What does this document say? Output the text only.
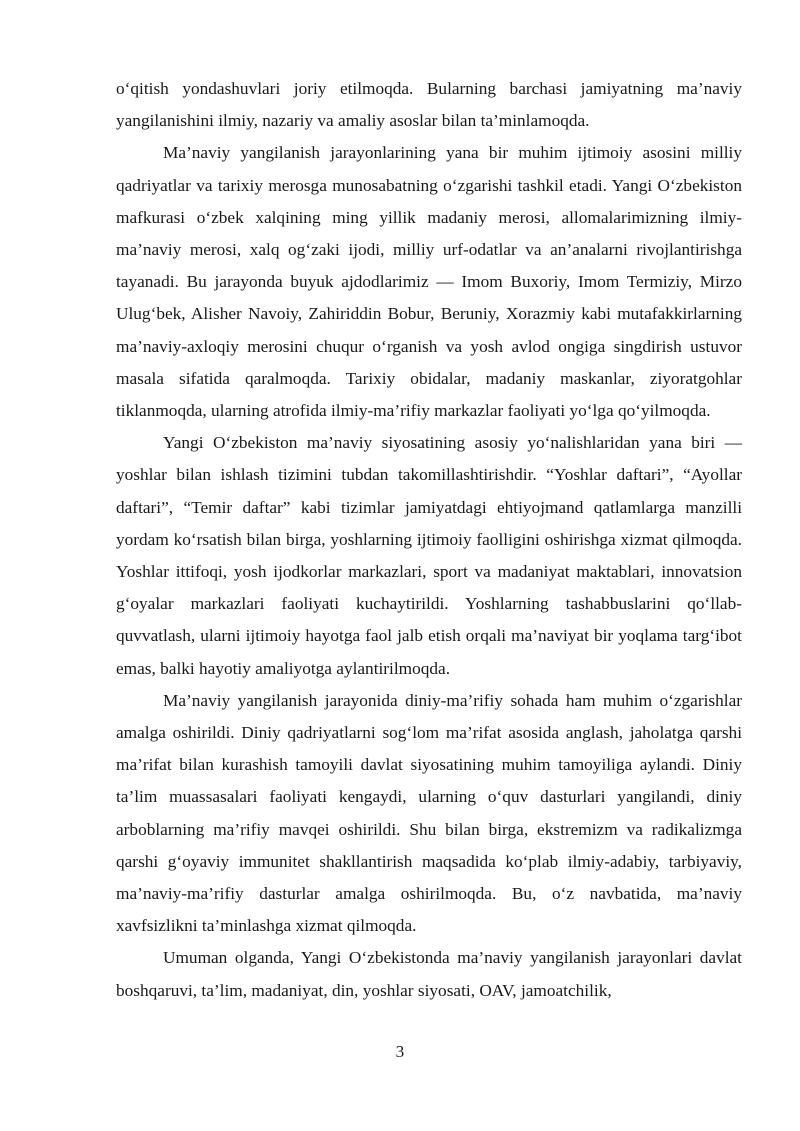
o‘qitish yondashuvlari joriy etilmoqda. Bularning barchasi jamiyatning ma’naviy yangilanishini ilmiy, nazariy va amaliy asoslar bilan ta’minlamoqda.

Ma’naviy yangilanish jarayonlarining yana bir muhim ijtimoiy asosini milliy qadriyatlar va tarixiy merosga munosabatning o‘zgarishi tashkil etadi. Yangi O‘zbekiston mafkurasi o‘zbek xalqining ming yillik madaniy merosi, allomalarimizning ilmiy-ma’naviy merosi, xalq og‘zaki ijodi, milliy urf-odatlar va an’analarni rivojlantirishga tayanadi. Bu jarayonda buyuk ajdodlarimiz — Imom Buxoriy, Imom Termiziy, Mirzo Ulug‘bek, Alisher Navoiy, Zahiriddin Bobur, Beruniy, Xorazmiy kabi mutafakkirlarning ma’naviy-axloqiy merosini chuqur o‘rganish va yosh avlod ongiga singdirish ustuvor masala sifatida qaralmoqda. Tarixiy obidalar, madaniy maskanlar, ziyoratgohlar tiklanmoqda, ularning atrofida ilmiy-ma’rifiy markazlar faoliyati yo‘lga qo‘yilmoqda.

Yangi O‘zbekiston ma’naviy siyosatining asosiy yo‘nalishlaridan yana biri — yoshlar bilan ishlash tizimini tubdan takomillashtirishdir. “Yoshlar daftari”, “Ayollar daftari”, “Temir daftar” kabi tizimlar jamiyatdagi ehtiyojmand qatlamlarga manzilli yordam ko‘rsatish bilan birga, yoshlarning ijtimoiy faolligini oshirishga xizmat qilmoqda. Yoshlar ittifoqi, yosh ijodkorlar markazlari, sport va madaniyat maktablari, innovatsion g‘oyalar markazlari faoliyati kuchaytirildi. Yoshlarning tashabbuslarini qo‘llab-quvvatlash, ularni ijtimoiy hayotga faol jalb etish orqali ma’naviyat bir yoqlama targ‘ibot emas, balki hayotiy amaliyotga aylantirilmoqda.

Ma’naviy yangilanish jarayonida diniy-ma’rifiy sohada ham muhim o‘zgarishlar amalga oshirildi. Diniy qadriyatlarni sog‘lom ma’rifat asosida anglash, jaholatga qarshi ma’rifat bilan kurashish tamoyili davlat siyosatining muhim tamoyiliga aylandi. Diniy ta’lim muassasalari faoliyati kengaydi, ularning o‘quv dasturlari yangilandi, diniy arboblarning ma’rifiy mavqei oshirildi. Shu bilan birga, ekstremizm va radikalizmga qarshi g‘oyaviy immunitet shakllantirish maqsadida ko‘plab ilmiy-adabiy, tarbiyaviy, ma’naviy-ma’rifiy dasturlar amalga oshirilmoqda. Bu, o‘z navbatida, ma’naviy xavfsizlikni ta’minlashga xizmat qilmoqda.

Umuman olganda, Yangi O‘zbekistonda ma’naviy yangilanish jarayonlari davlat boshqaruvi, ta’lim, madaniyat, din, yoshlar siyosati, OAV, jamoatchilik,

3
